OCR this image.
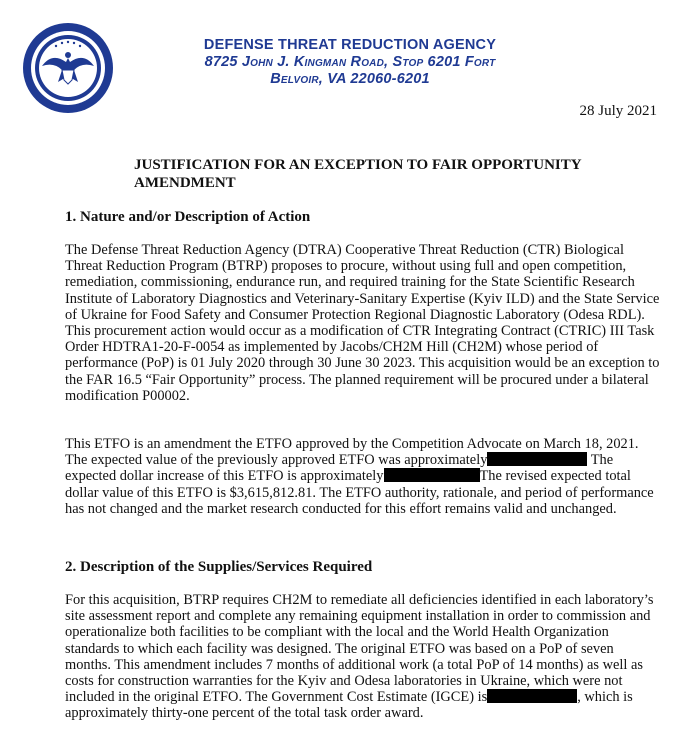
DEFENSE THREAT REDUCTION AGENCY
8725 John J. Kingman Road, Stop 6201 Fort
Belvoir, VA 22060-6201
28 July 2021
JUSTIFICATION FOR AN EXCEPTION TO FAIR OPPORTUNITY AMENDMENT
1. Nature and/or Description of Action
The Defense Threat Reduction Agency (DTRA) Cooperative Threat Reduction (CTR) Biological Threat Reduction Program (BTRP) proposes to procure, without using full and open competition, remediation, commissioning, endurance run, and required training for the State Scientific Research Institute of Laboratory Diagnostics and Veterinary-Sanitary Expertise (Kyiv ILD) and the State Service of Ukraine for Food Safety and Consumer Protection Regional Diagnostic Laboratory (Odesa RDL). This procurement action would occur as a modification of CTR Integrating Contract (CTRIC) III Task Order HDTRA1-20-F-0054 as implemented by Jacobs/CH2M Hill (CH2M) whose period of performance (PoP) is 01 July 2020 through 30 June 30 2023. This acquisition would be an exception to the FAR 16.5 “Fair Opportunity” process. The planned requirement will be procured under a bilateral modification P00002.
This ETFO is an amendment the ETFO approved by the Competition Advocate on March 18, 2021. The expected value of the previously approved ETFO was approximately	The expected dollar increase of this ETFO is approximately	The revised expected total dollar value of this ETFO is $3,615,812.81. The ETFO authority, rationale, and period of performance has not changed and the market research conducted for this effort remains valid and unchanged.
2. Description of the Supplies/Services Required
For this acquisition, BTRP requires CH2M to remediate all deficiencies identified in each laboratory’s site assessment report and complete any remaining equipment installation in order to commission and operationalize both facilities to be compliant with the local and the World Health Organization standards to which each facility was designed. The original ETFO was based on a PoP of seven months. This amendment includes 7 months of additional work (a total PoP of 14 months) as well as costs for construction warranties for the Kyiv and Odesa laboratories in Ukraine, which were not included in the original ETFO. The Government Cost Estimate (IGCE) is	, which is approximately thirty-one percent of the total task order award.
